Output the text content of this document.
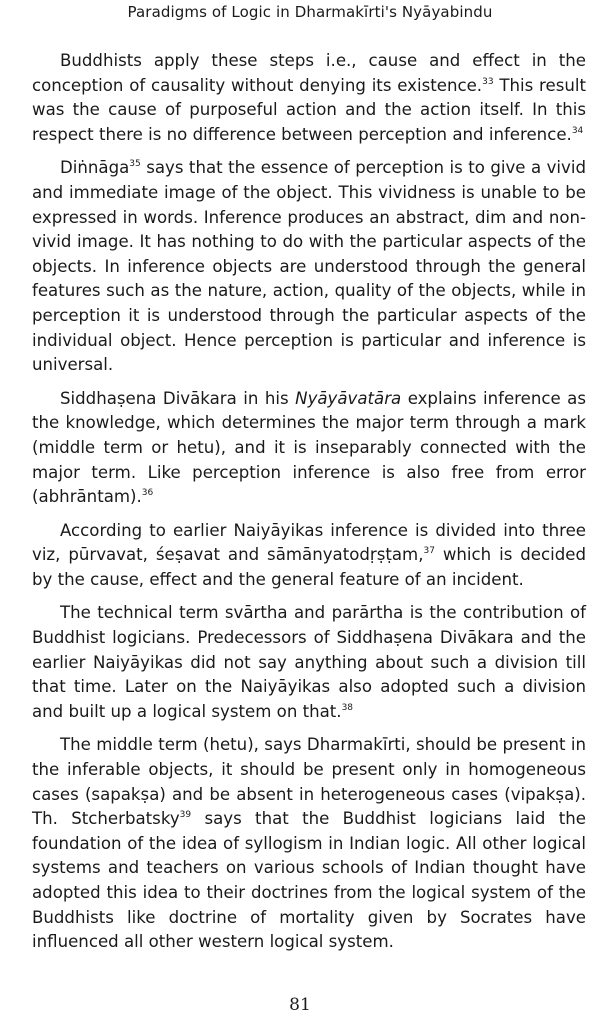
Paradigms of Logic in Dharmakīrti's Nyāyabindu

Buddhists apply these steps i.e., cause and effect in the conception of causality without denying its existence.$^{33}$ This result was the cause of purposeful action and the action itself. In this respect there is no difference between perception and inference.$^{34}$

Diṅnāga$^{35}$ says that the essence of perception is to give a vivid and immediate image of the object. This vividness is unable to be expressed in words. Inference produces an abstract, dim and non-vivid image. It has nothing to do with the particular aspects of the objects. In inference objects are understood through the general features such as the nature, action, quality of the objects, while in perception it is understood through the particular aspects of the individual object. Hence perception is particular and inference is universal.

Siddhaṣena Divākara in his Nyāyāvatāra explains inference as the knowledge, which determines the major term through a mark (middle term or hetu), and it is inseparably connected with the major term. Like perception inference is also free from error (abhrāntam).$^{36}$

According to earlier Naiyāyikas inference is divided into three viz, pūrvavat, śeṣavat and sāmānyatodṛṣṭam,$^{37}$ which is decided by the cause, effect and the general feature of an incident.

The technical term svārtha and parārtha is the contribution of Buddhist logicians. Predecessors of Siddhaṣena Divākara and the earlier Naiyāyikas did not say anything about such a division till that time. Later on the Naiyāyikas also adopted such a division and built up a logical system on that.$^{38}$

The middle term (hetu), says Dharmakīrti, should be present in the inferable objects, it should be present only in homogeneous cases (sapakṣa) and be absent in heterogeneous cases (vipakṣa). Th. Stcherbatsky$^{39}$ says that the Buddhist logicians laid the foundation of the idea of syllogism in Indian logic. All other logical systems and teachers on various schools of Indian thought have adopted this idea to their doctrines from the logical system of the Buddhists like doctrine of mortality given by Socrates have influenced all other western logical system.

81
